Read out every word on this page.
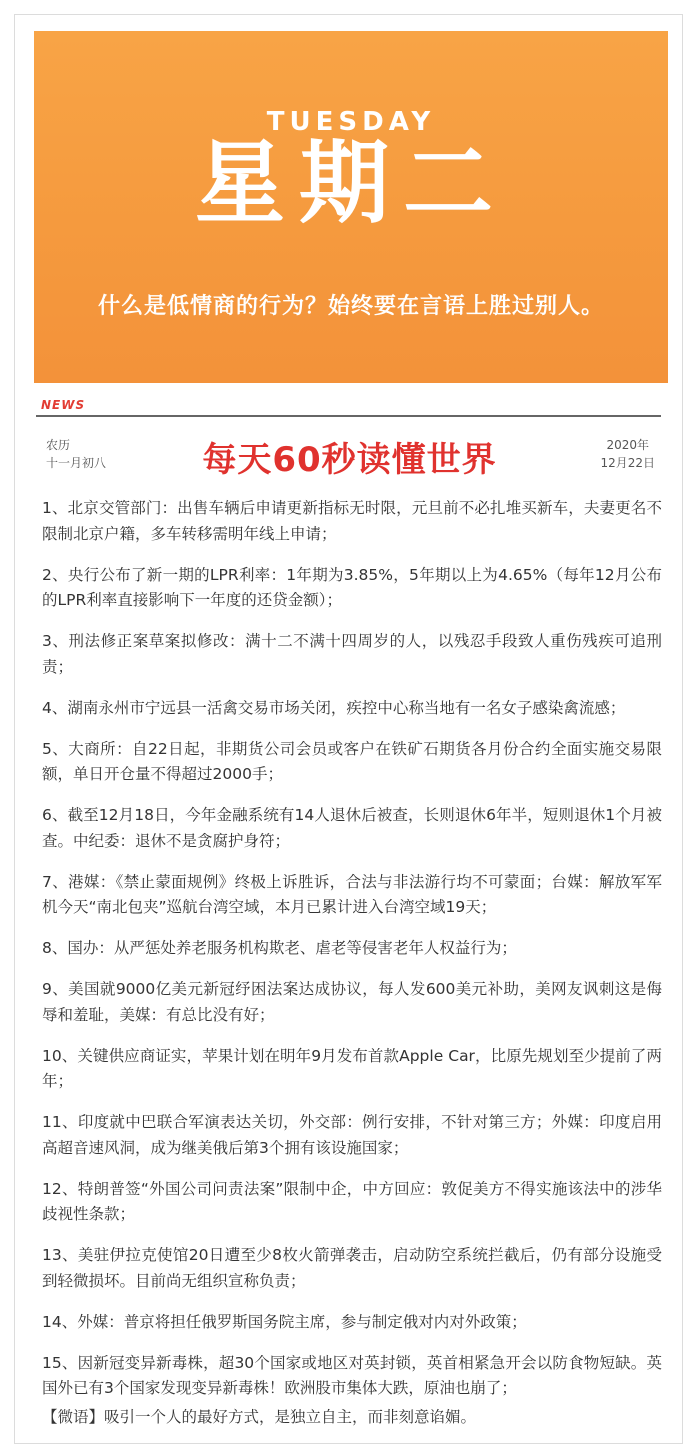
TUESDAY
星期二
什么是低情商的行为？始终要在言语上胜过别人。
NEWS
农历
十一月初八	每天60秒读懂世界	2020年
12月22日

1、北京交管部门：出售车辆后申请更新指标无时限，元旦前不必扎堆买新车，夫妻更名不限制北京户籍，多车转移需明年线上申请；

2、央行公布了新一期的LPR利率：1年期为3.85%，5年期以上为4.65%（每年12月公布的LPR利率直接影响下一年度的还贷金额）；

3、刑法修正案草案拟修改：满十二不满十四周岁的人，以残忍手段致人重伤残疾可追刑责；

4、湖南永州市宁远县一活禽交易市场关闭，疾控中心称当地有一名女子感染禽流感；

5、大商所：自22日起，非期货公司会员或客户在铁矿石期货各月份合约全面实施交易限额，单日开仓量不得超过2000手；

6、截至12月18日，今年金融系统有14人退休后被查，长则退休6年半，短则退休1个月被查。中纪委：退休不是贪腐护身符；

7、港媒：《禁止蒙面规例》终极上诉胜诉，合法与非法游行均不可蒙面；台媒：解放军军机今天“南北包夹”巡航台湾空域，本月已累计进入台湾空域19天；

8、国办：从严惩处养老服务机构欺老、虐老等侵害老年人权益行为；

9、美国就9000亿美元新冠纾困法案达成协议，每人发600美元补助，美网友讽刺这是侮辱和羞耻，美媒：有总比没有好；

10、关键供应商证实，苹果计划在明年9月发布首款Apple Car，比原先规划至少提前了两年；

11、印度就中巴联合军演表达关切，外交部：例行安排，不针对第三方；外媒：印度启用高超音速风洞，成为继美俄后第3个拥有该设施国家；

12、特朗普签“外国公司问责法案”限制中企，中方回应：敦促美方不得实施该法中的涉华歧视性条款；

13、美驻伊拉克使馆20日遭至少8枚火箭弹袭击，启动防空系统拦截后，仍有部分设施受到轻微损坏。目前尚无组织宣称负责；

14、外媒：普京将担任俄罗斯国务院主席，参与制定俄对内对外政策；

15、因新冠变异新毒株，超30个国家或地区对英封锁，英首相紧急开会以防食物短缺。英国外已有3个国家发现变异新毒株！欧洲股市集体大跌，原油也崩了；

【微语】吸引一个人的最好方式，是独立自主，而非刻意谄媚。
